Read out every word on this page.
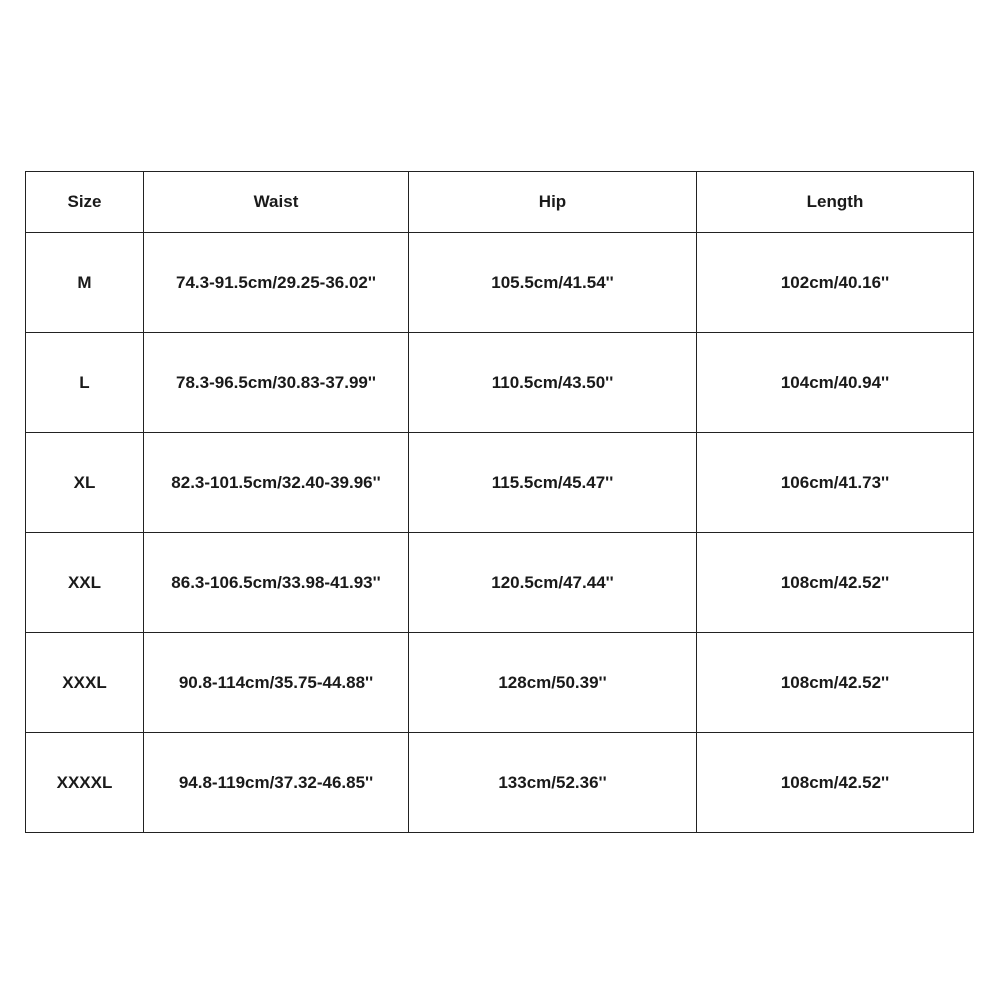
Size	Waist	Hip	Length
M	74.3-91.5cm/29.25-36.02''	105.5cm/41.54''	102cm/40.16''
L	78.3-96.5cm/30.83-37.99''	110.5cm/43.50''	104cm/40.94''
XL	82.3-101.5cm/32.40-39.96''	115.5cm/45.47''	106cm/41.73''
XXL	86.3-106.5cm/33.98-41.93''	120.5cm/47.44''	108cm/42.52''
XXXL	90.8-114cm/35.75-44.88''	128cm/50.39''	108cm/42.52''
XXXXL	94.8-119cm/37.32-46.85''	133cm/52.36''	108cm/42.52''
